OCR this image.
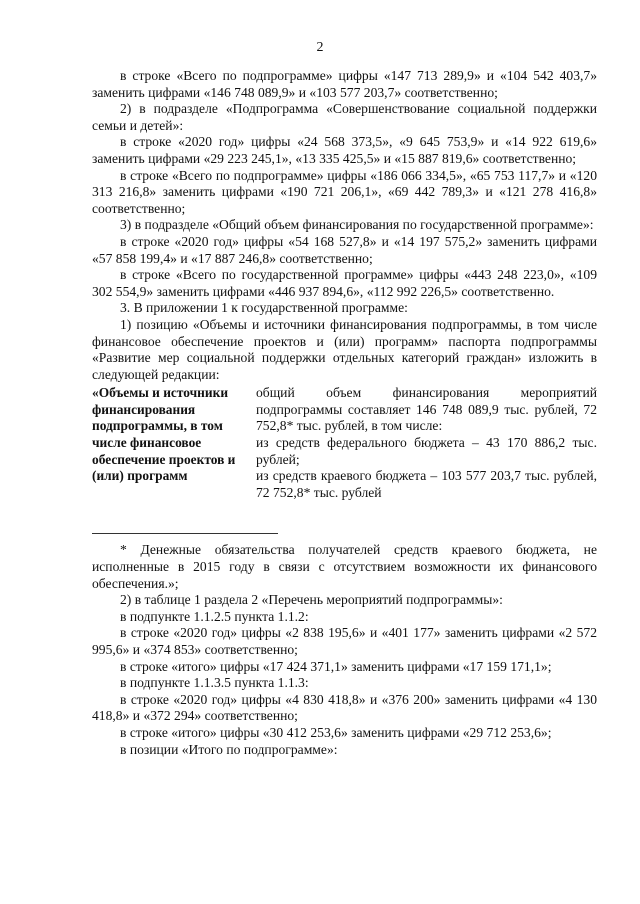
2

в строке «Всего по подпрограмме» цифры «147 713 289,9» и «104 542 403,7» заменить цифрами «146 748 089,9» и «103 577 203,7» соответственно;

2) в подразделе «Подпрограмма «Совершенствование социальной поддержки семьи и детей»:

в строке «2020 год» цифры «24 568 373,5», «9 645 753,9» и «14 922 619,6» заменить цифрами «29 223 245,1», «13 335 425,5» и «15 887 819,6» соответственно;

в строке «Всего по подпрограмме» цифры «186 066 334,5», «65 753 117,7» и «120 313 216,8» заменить цифрами «190 721 206,1», «69 442 789,3» и «121 278 416,8» соответственно;

3) в подразделе «Общий объем финансирования по государственной программе»:

в строке «2020 год» цифры «54 168 527,8» и «14 197 575,2» заменить цифрами «57 858 199,4» и «17 887 246,8» соответственно;

в строке «Всего по государственной программе» цифры «443 248 223,0», «109 302 554,9» заменить цифрами «446 937 894,6», «112 992 226,5» соответственно.

3. В приложении 1 к государственной программе:

1) позицию «Объемы и источники финансирования подпрограммы, в том числе финансовое обеспечение проектов и (или) программ» паспорта подпрограммы «Развитие мер социальной поддержки отдельных категорий граждан» изложить в следующей редакции:

«Объемы и источники финансирования подпрограммы, в том числе финансовое обеспечение проектов и (или) программ

общий объем финансирования мероприятий подпрограммы составляет 146 748 089,9 тыс. рублей, 72 752,8* тыс. рублей, в том числе:

из средств федерального бюджета – 43 170 886,2 тыс. рублей;

из средств краевого бюджета – 103 577 203,7 тыс. рублей, 72 752,8* тыс. рублей

* Денежные обязательства получателей средств краевого бюджета, не исполненные в 2015 году в связи с отсутствием возможности их финансового обеспечения.»;

2) в таблице 1 раздела 2 «Перечень мероприятий подпрограммы»:

в подпункте 1.1.2.5 пункта 1.1.2:

в строке «2020 год» цифры «2 838 195,6» и «401 177» заменить цифрами «2 572 995,6» и «374 853» соответственно;

в строке «итого» цифры «17 424 371,1» заменить цифрами «17 159 171,1»;

в подпункте 1.1.3.5 пункта 1.1.3:

в строке «2020 год» цифры «4 830 418,8» и «376 200» заменить цифрами «4 130 418,8» и «372 294» соответственно;

в строке «итого» цифры «30 412 253,6» заменить цифрами «29 712 253,6»;

в позиции «Итого по подпрограмме»:
